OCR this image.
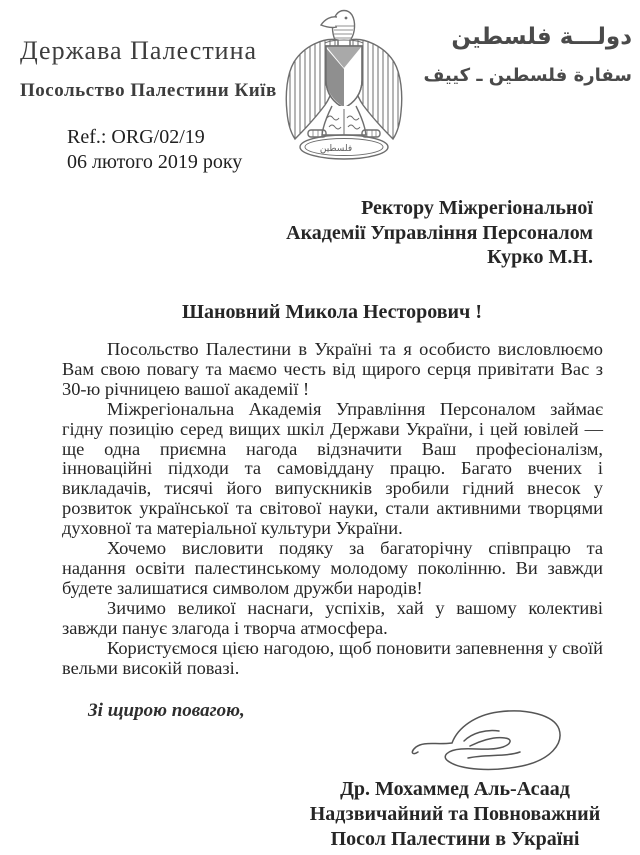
Держава Палестина
Посольство Палестини Київ
Ref.: ORG/02/19
06 лютого 2019 року
فلسطين
دولـــة فلسطين
سفارة فلسطين ـ كييف
Ректору Міжрегіональної
Академії Управління Персоналом
Курко М.Н.
Шановний Микола Несторович !

Посольство Палестини в Україні та я особисто висловлюємо Вам свою повагу та маємо честь від щирого серця привітати Вас з 30-ю річницею вашої академії !

Міжрегіональна Академія Управління Персоналом займає гідну позицію серед вищих шкіл Держави України, і цей ювілей — ще одна приємна нагода відзначити Ваш професіоналізм, інноваційні підходи та самовіддану працю. Багато вчених і викладачів, тисячі його випускників зробили гідний внесок у розвиток української та світової науки, стали активними творцями духовної та матеріальної культури України.

Хочемо висловити подяку за багаторічну співпрацю та надання освіти палестинському молодому поколінню. Ви завжди будете залишатися символом дружби народів!

Зичимо великої наснаги, успіхів, хай у вашому колективі завжди панує злагода і творча атмосфера.

Користуємося цією нагодою, щоб поновити запевнення у своїй вельми високій повазі.

Зі щирою повагою,
Др. Мохаммед Аль-Асаад
Надзвичайний та Повноважний
Посол Палестини в Україні
